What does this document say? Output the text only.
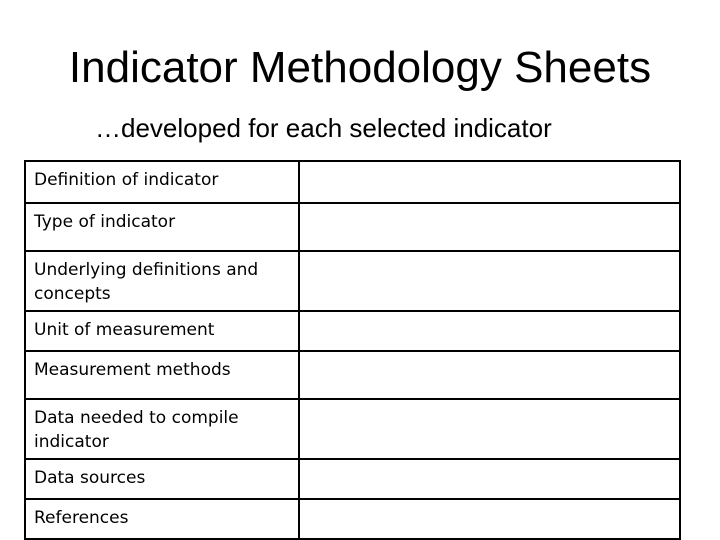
Indicator Methodology Sheets
…developed for each selected indicator
Definition of indicator	
Type of indicator	
Underlying definitions and concepts	
Unit of measurement	
Measurement methods	
Data needed to compile indicator	
Data sources	
References	
